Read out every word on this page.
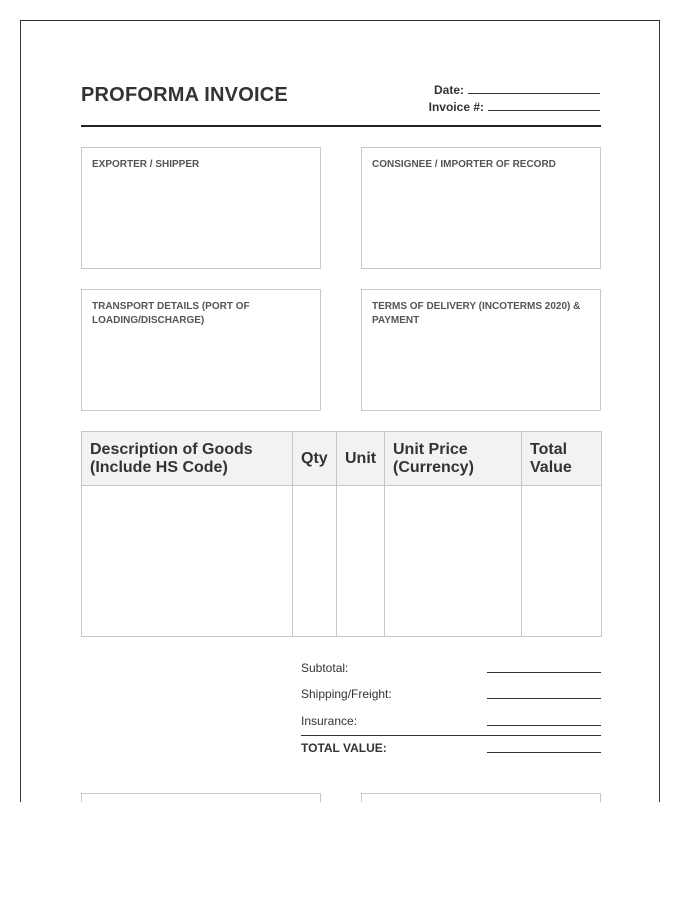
PROFORMA INVOICE	Date:
Invoice #:
EXPORTER / SHIPPER	CONSIGNEE / IMPORTER OF RECORD
TRANSPORT DETAILS (PORT OF LOADING/DISCHARGE)
TERMS OF DELIVERY (INCOTERMS 2020) & PAYMENT
Description of Goods (Include HS Code)	Qty	Unit	Unit Price (Currency)	Total Value

Subtotal:
Shipping/Freight:
Insurance:
TOTAL VALUE:
